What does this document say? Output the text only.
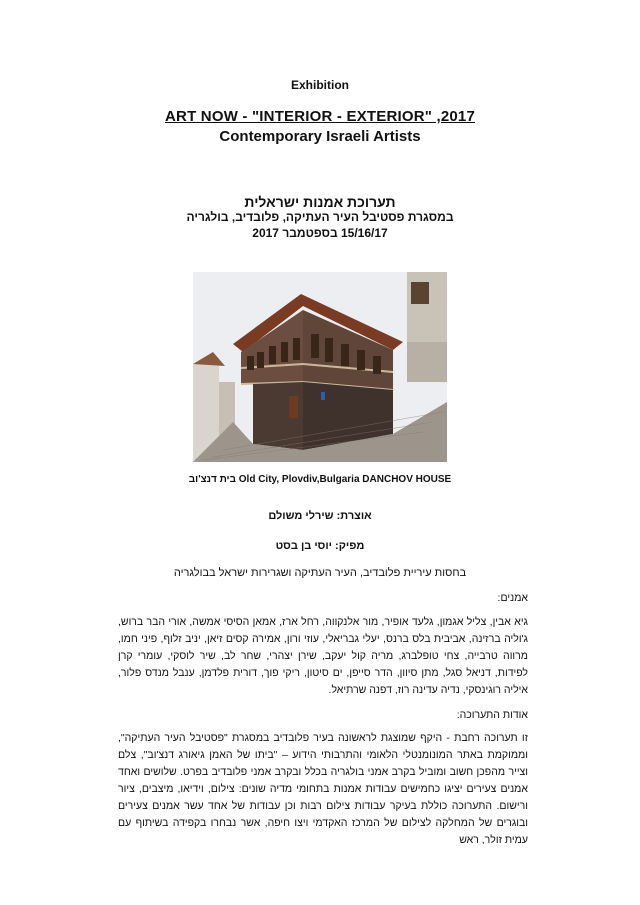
Exhibition
ART NOW - "INTERIOR - EXTERIOR" ,2017
Contemporary Israeli Artists
תערוכת אמנות ישראלית
במסגרת פסטיבל העיר העתיקה, פלובדיב, בולגריה
15/16/17 בספטמבר 2017
בית דנצ'וב Old City, Plovdiv,Bulgaria DANCHOV HOUSE
אוצרת: שירלי משולם
מפיק: יוסי בן בסט
בחסות עיריית פלובדיב, העיר העתיקה ושגרירות ישראל בבולגריה
אמנים:
גיא אבין, צליל אגמון, גלעד אופיר, מור אלנקווה, רחל ארז, אמאן הסיסי אמשה, אורי הבר ברוש, ג'וליה ברזינה, אביבית בלס ברנס, יעלי גבריאלי, עוזי ורון, אמירה קסים זיאן, יניב זלוף, פיני חמו, מרווה טרבייה, צחי טופלברג, מריה קול יעקב, שירן יצהרי, שחר לב, שיר לוסקי, עומרי קרן לפידות, דניאל סגל, מתן סיוון, הדר סייפן, ים סיטון, ריקי פוך, דורית פלדמן, ענבל מנדס פלור, איליה רוגינסקי, נדיה עדינה רוז, דפנה שרתיאל.
אודות התערוכה:
זו תערוכה רחבת - היקף שמוצגת לראשונה בעיר פלובדיב במסגרת "פסטיבל העיר העתיקה", וממוקמת באתר המונומנטלי הלאומי והתרבותי הידוע – "ביתו של האמן גיאורג דנצ'וב", צלם וצייר מהפכן חשוב ומוביל בקרב אמני בולגריה בכלל ובקרב אמני פלובדיב בפרט. שלושים ואחד אמנים צעירים יציגו כחמישים עבודות אמנות בתחומי מדיה שונים: צילום, וידיאו, מיצבים, ציור ורישום. התערוכה כוללת בעיקר עבודות צילום רבות וכן עבודות של אחד עשר אמנים צעירים ובוגרים של המחלקה לצילום של המרכז האקדמי ויצו חיפה, אשר נבחרו בקפידה בשיתוף עם עמית זולר, ראש
